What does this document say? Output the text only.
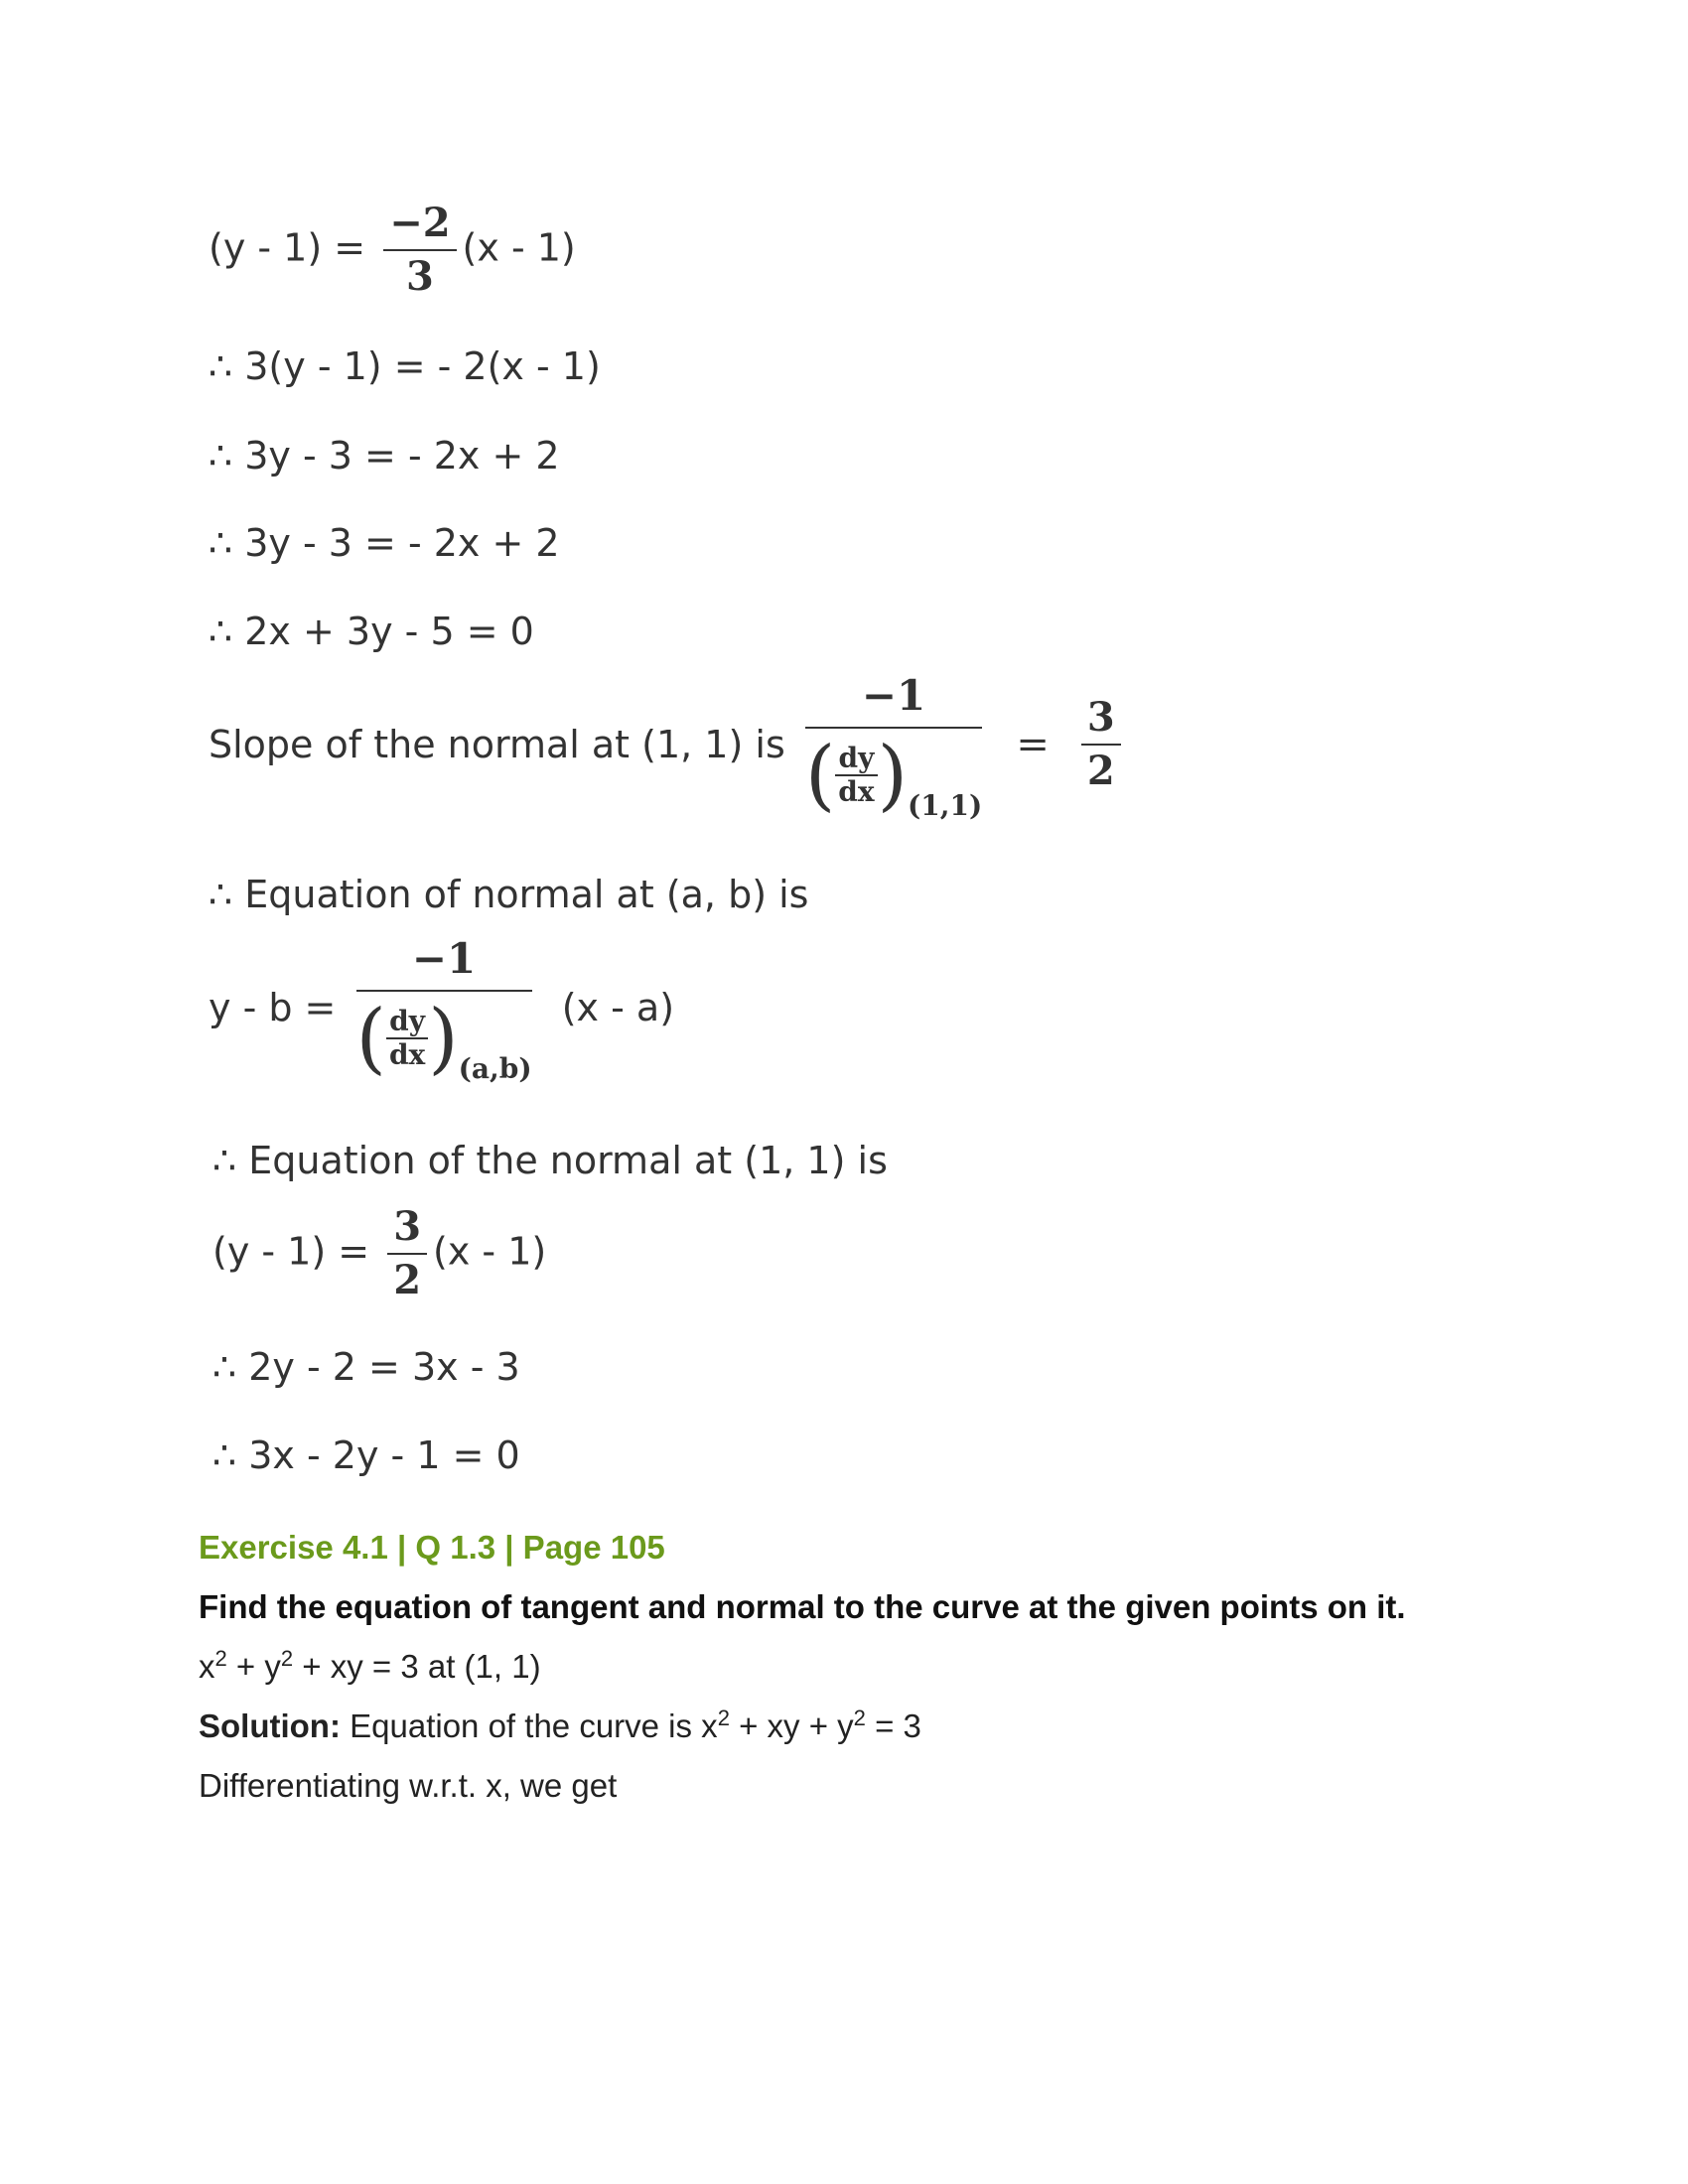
$(y - 1) = \frac{-2}{3} (x - 1)$
∴ 3(y - 1) = - 2(x - 1)
∴ 3y - 3 = - 2x + 2
∴ 3y - 3 = - 2x + 2
∴ 2x + 3y - 5 = 0
Slope of the normal at (1, 1) is $\frac{-1}{( \frac{dy}{dx} )(1,1)} = \frac{3}{2}$
∴ Equation of normal at (a, b) is
$y - b = \frac{-1}{( \frac{dy}{dx} )(a,b)} (x - a)$
∴ Equation of the normal at (1, 1) is
$(y - 1) = \frac{3}{2} (x - 1)$
∴ 2y - 2 = 3x - 3
∴ 3x - 2y - 1 = 0
Exercise 4.1 | Q 1.3 | Page 105
Find the equation of tangent and normal to the curve at the given points on it.
$x^2 + y^2$ + xy = 3 at (1, 1)
Solution: Equation of the curve is $x^2$ + xy + $y^2 = 3$
Differentiating w.r.t. x, we get
